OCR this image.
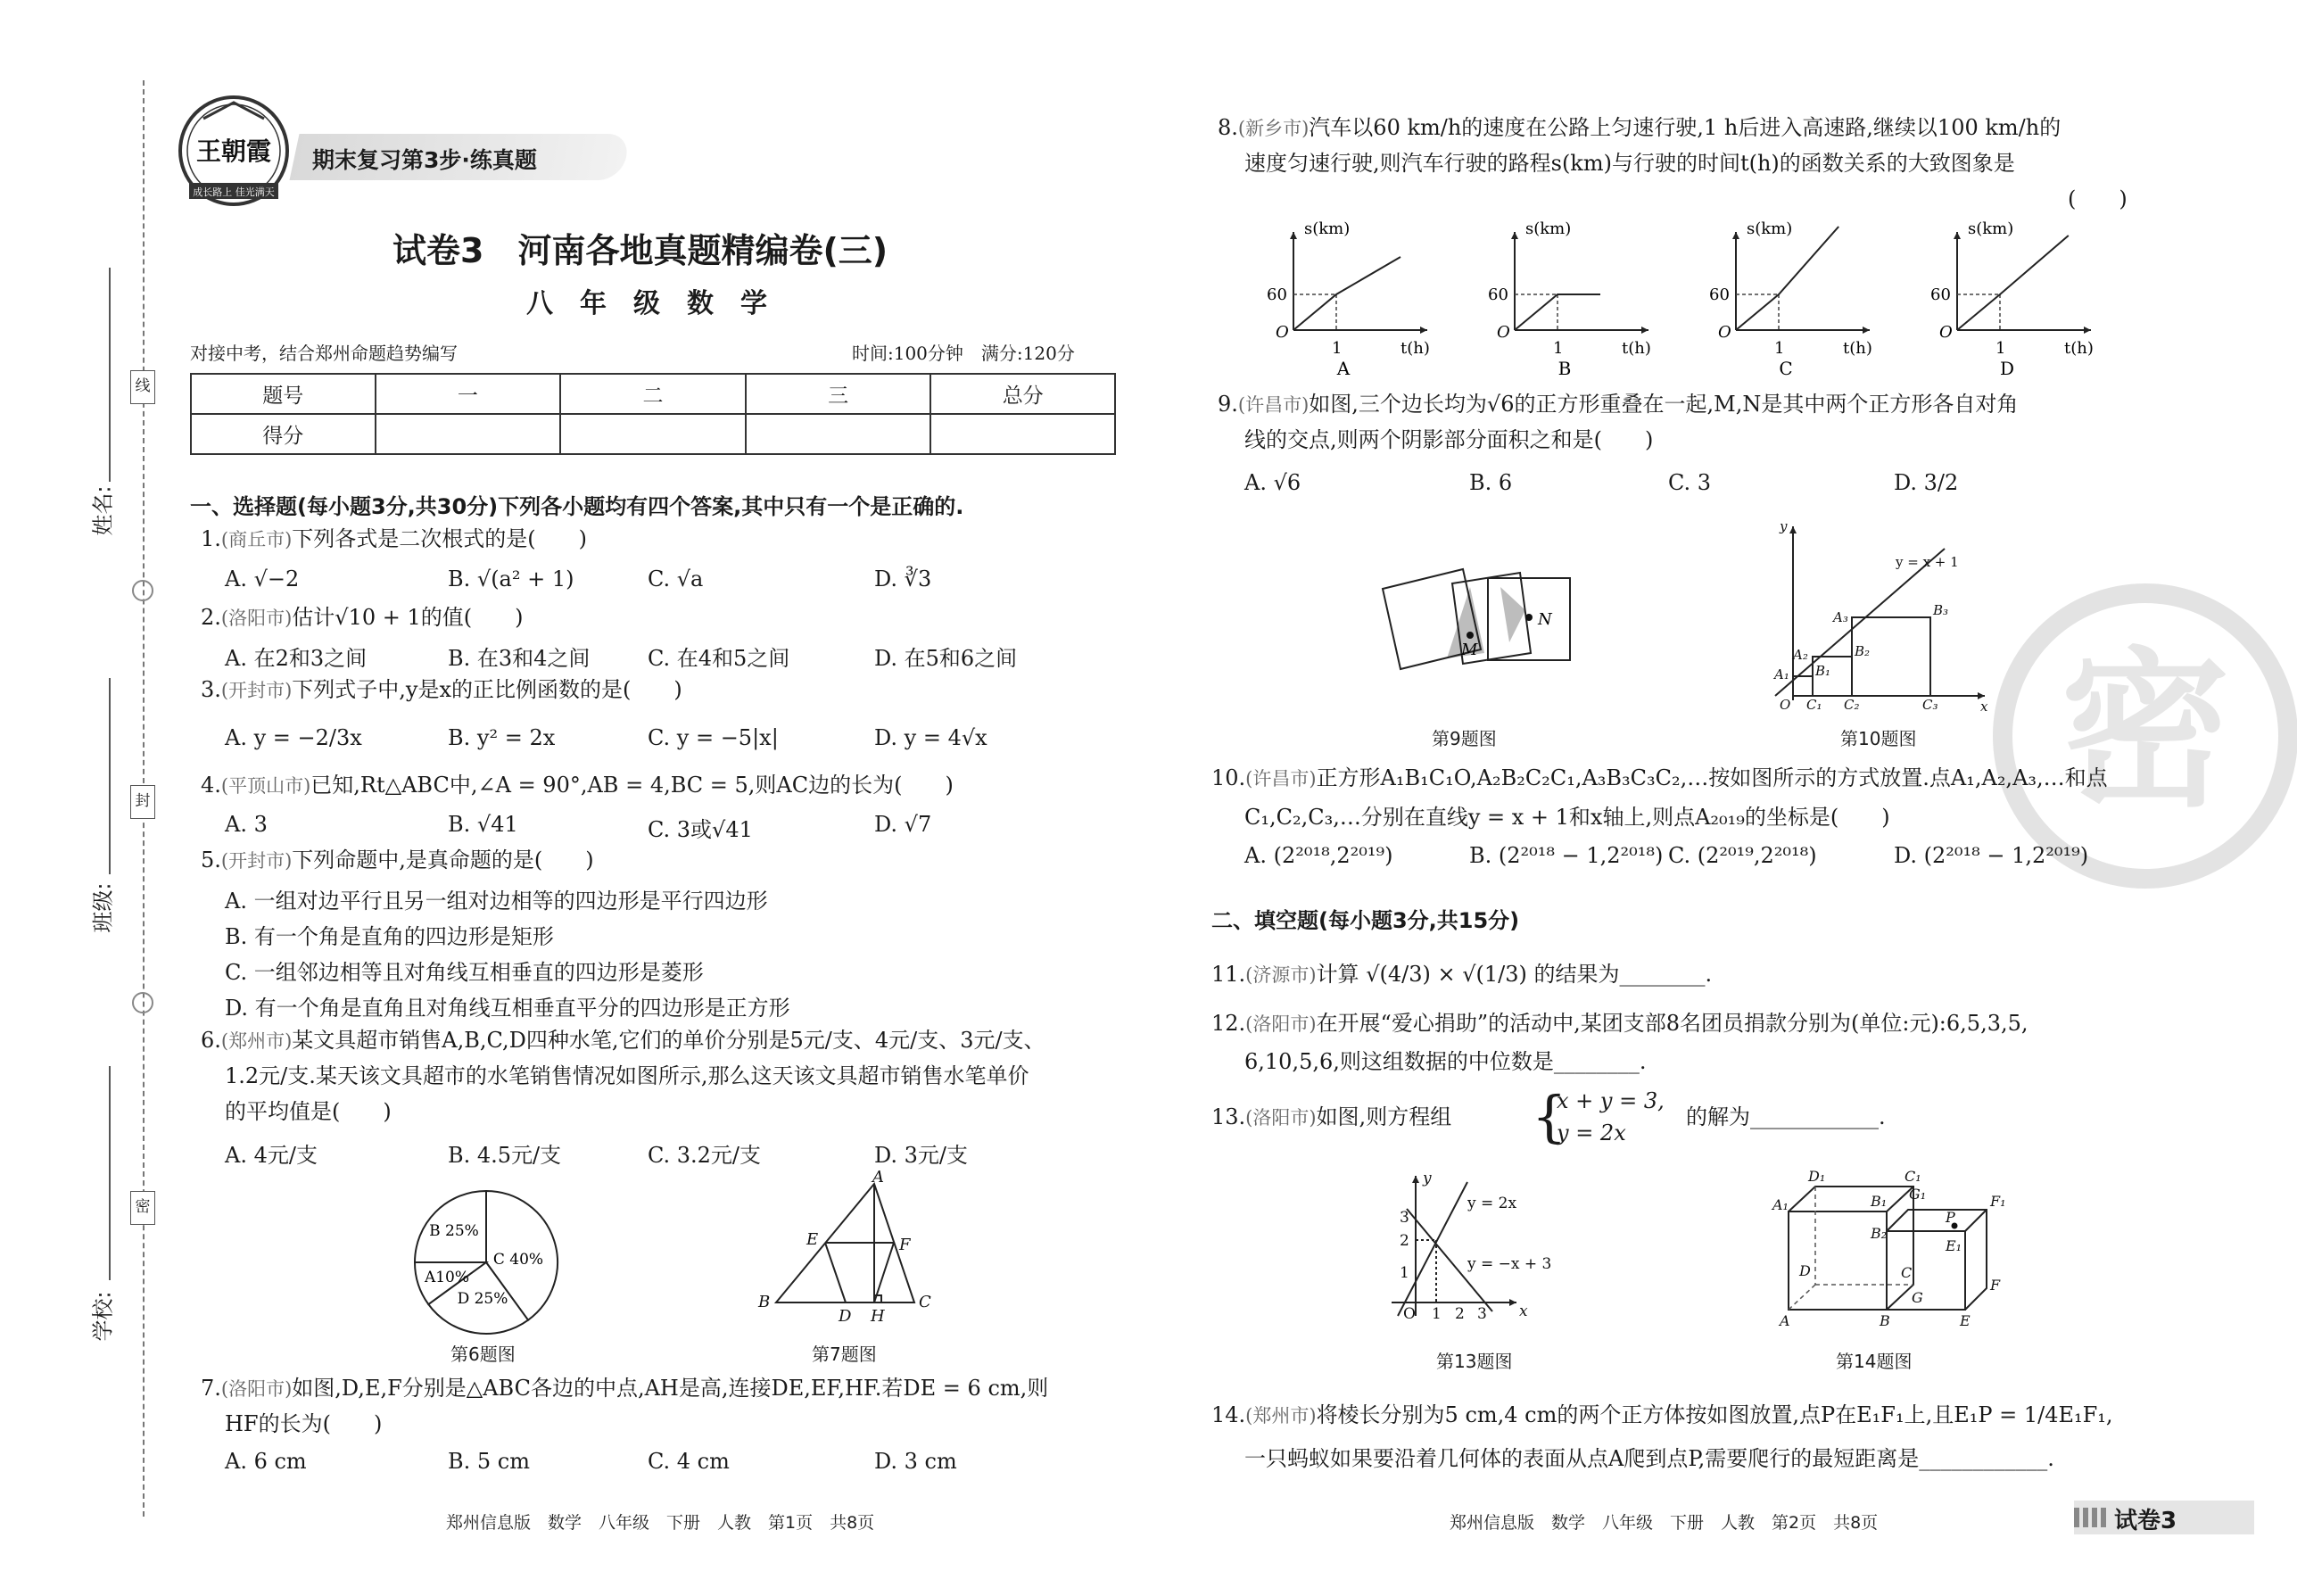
线
封
密
姓名:
班级:
学校:
王朝霞
成长路上 佳光满天
期末复习第3步·练真题
试卷3　河南各地真题精编卷(三)
八　年　级　数　学
对接中考，结合郑州命题趋势编写	时间:100分钟　满分:120分
题号	一	二	三	总分
得分				
一、选择题(每小题3分,共30分)下列各小题均有四个答案,其中只有一个是正确的.
1.(商丘市)下列各式是二次根式的是(　　)
A. √−2	B. √(a² + 1)	C. √a	D. ∛3
2.(洛阳市)估计√10 + 1的值(　　)
A. 在2和3之间	B. 在3和4之间	C. 在4和5之间	D. 在5和6之间
3.(开封市)下列式子中,y是x的正比例函数的是(　　)
A. y = −2/3x	B. y² = 2x	C. y = −5|x|	D. y = 4√x
4.(平顶山市)已知,Rt△ABC中,∠A = 90°,AB = 4,BC = 5,则AC边的长为(　　)
A. 3	B. √41	C. 3或√41	D. √7
5.(开封市)下列命题中,是真命题的是(　　)
A. 一组对边平行且另一组对边相等的四边形是平行四边形
B. 有一个角是直角的四边形是矩形
C. 一组邻边相等且对角线互相垂直的四边形是菱形
D. 有一个角是直角且对角线互相垂直平分的四边形是正方形
6.(郑州市)某文具超市销售A,B,C,D四种水笔,它们的单价分别是5元/支、4元/支、3元/支、
1.2元/支.某天该文具超市的水笔销售情况如图所示,那么这天该文具超市销售水笔单价
的平均值是(　　)
A. 4元/支	B. 4.5元/支	C. 3.2元/支	D. 3元/支
A10%
B 25%
C 40%
D 25%
第6题图
A
B	C
D
E	F
H
第7题图
7.(洛阳市)如图,D,E,F分别是△ABC各边的中点,AH是高,连接DE,EF,HF.若DE = 6 cm,则
HF的长为(　　)
A. 6 cm	B. 5 cm	C. 4 cm	D. 3 cm
郑州信息版　数学　八年级　下册　人教　第1页　共8页
密
8.(新乡市)汽车以60 km/h的速度在公路上匀速行驶,1 h后进入高速路,继续以100 km/h的
速度匀速行驶,则汽车行驶的路程s(km)与行驶的时间t(h)的函数关系的大致图象是
(　　)
s(km)
t(h)
60
1
O
A
s(km)
t(h)
60
1
O
B
s(km)
t(h)
60
1
O
C
s(km)
t(h)
60
1
O
D
9.(许昌市)如图,三个边长均为√6的正方形重叠在一起,M,N是其中两个正方形各自对角
线的交点,则两个阴影部分面积之和是(　　)
A. √6	B. 6	C. 3	D. 3/2
M
N
第9题图
y
x
O
A₁
A₂
A₃
B₁
B₂
B₃
C₁ C₂	C₃
y = x + 1
第10题图
10.(许昌市)正方形A₁B₁C₁O,A₂B₂C₂C₁,A₃B₃C₃C₂,…按如图所示的方式放置.点A₁,A₂,A₃,…和点
C₁,C₂,C₃,…分别在直线y = x + 1和x轴上,则点A₂₀₁₉的坐标是(　　)
A. (2²⁰¹⁸,2²⁰¹⁹)	B. (2²⁰¹⁸ − 1,2²⁰¹⁸) C. (2²⁰¹⁹,2²⁰¹⁸)	D. (2²⁰¹⁸ − 1,2²⁰¹⁹)
二、填空题(每小题3分,共15分)
11.(济源市)计算 √(4/3) × √(1/3) 的结果为________.
12.(洛阳市)在开展“爱心捐助”的活动中,某团支部8名团员捐款分别为(单位:元):6,5,3,5,
6,10,5,6,则这组数据的中位数是________.
13.(洛阳市)如图,则方程组 {
x + y = 3,
y = 2x
的解为____________.
y
x
O 1 2 3
3
2
1
y = 2x
y = −x + 3
第13题图
D₁	C₁
A₁	B₁ G₁	F₁
B₂
P
E₁
D	C
G
F
A	B	E
第14题图
14.(郑州市)将棱长分别为5 cm,4 cm的两个正方体按如图放置,点P在E₁F₁上,且E₁P = 1/4E₁F₁,
一只蚂蚁如果要沿着几何体的表面从点A爬到点P,需要爬行的最短距离是____________.
郑州信息版　数学　八年级　下册　人教　第2页　共8页	试卷3
